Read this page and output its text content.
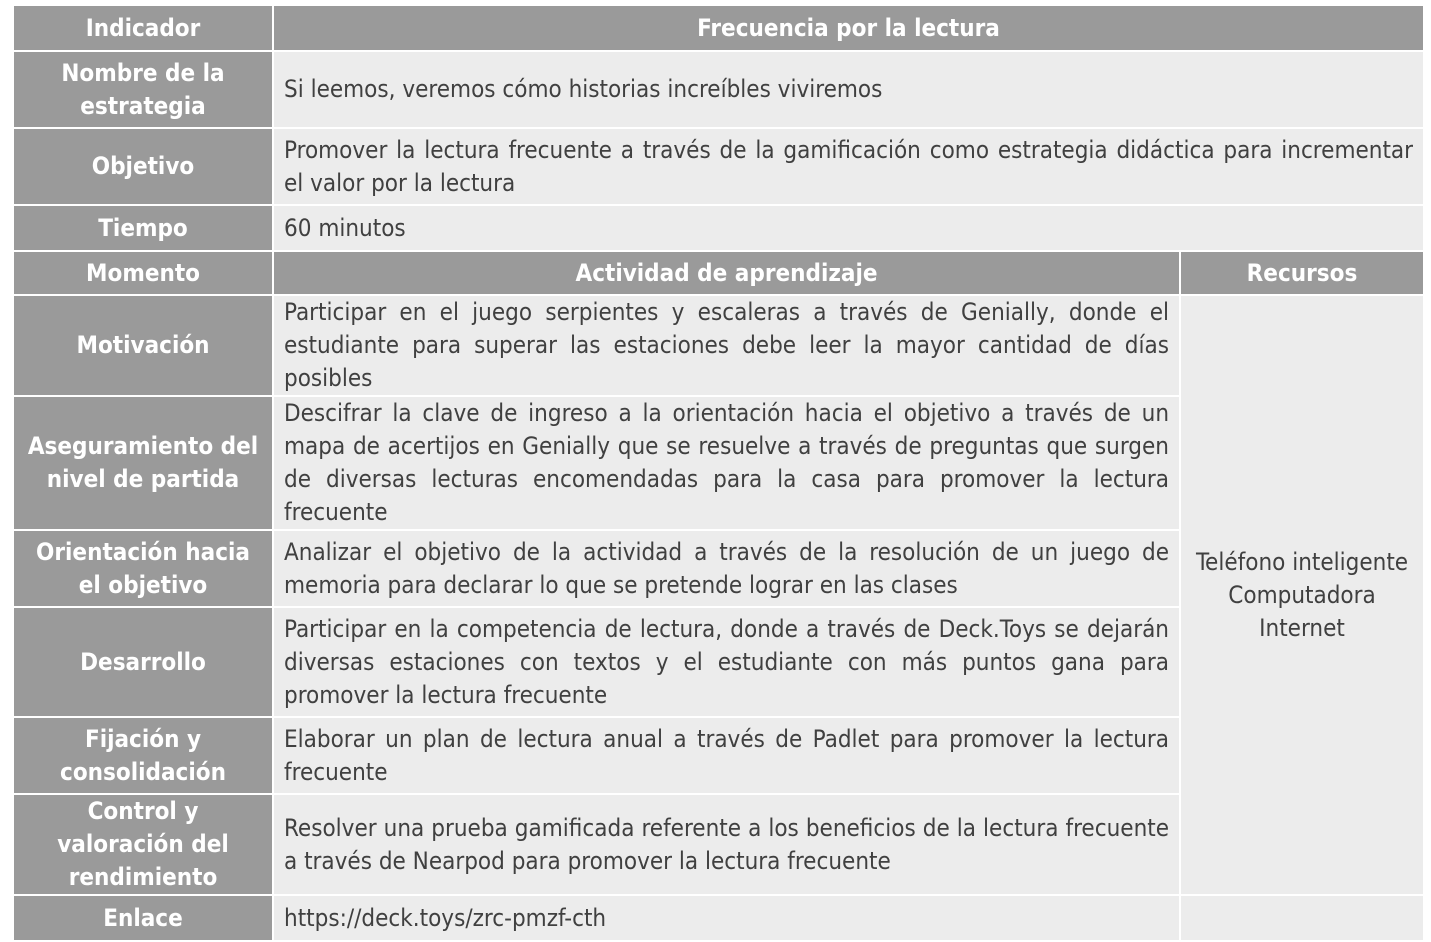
Indicador	Frecuencia por la lectura	
Nombre de la estrategia	Si leemos, veremos cómo historias increíbles viviremos	
Objetivo	Promover la lectura frecuente a través de la gamificación como estrategia didáctica para incrementar el valor por la lectura	
Tiempo	60 minutos	
Momento	Actividad de aprendizaje	Recursos
Motivación	Participar en el juego serpientes y escaleras a través de Genially, donde el estudiante para superar las estaciones debe leer la mayor cantidad de días posibles	Teléfono inteligente
Computadora
Internet

Aseguramiento del nivel de partida	Descifrar la clave de ingreso a la orientación hacia el objetivo a través de un mapa de acertijos en Genially que se resuelve a través de preguntas que surgen de diversas lecturas encomendadas para la casa para promover la lectura frecuente	
Orientación hacia el objetivo	Analizar el objetivo de la actividad a través de la resolución de un juego de memoria para declarar lo que se pretende lograr en las clases	
Desarrollo	Participar en la competencia de lectura, donde a través de Deck.Toys se dejarán diversas estaciones con textos y el estudiante con más puntos gana para promover la lectura frecuente	
Fijación y consolidación	Elaborar un plan de lectura anual a través de Padlet para promover la lectura frecuente	
Control y valoración del rendimiento	Resolver una prueba gamificada referente a los beneficios de la lectura frecuente a través de Nearpod para promover la lectura frecuente	
Enlace	https://deck.toys/zrc-pmzf-cth	
